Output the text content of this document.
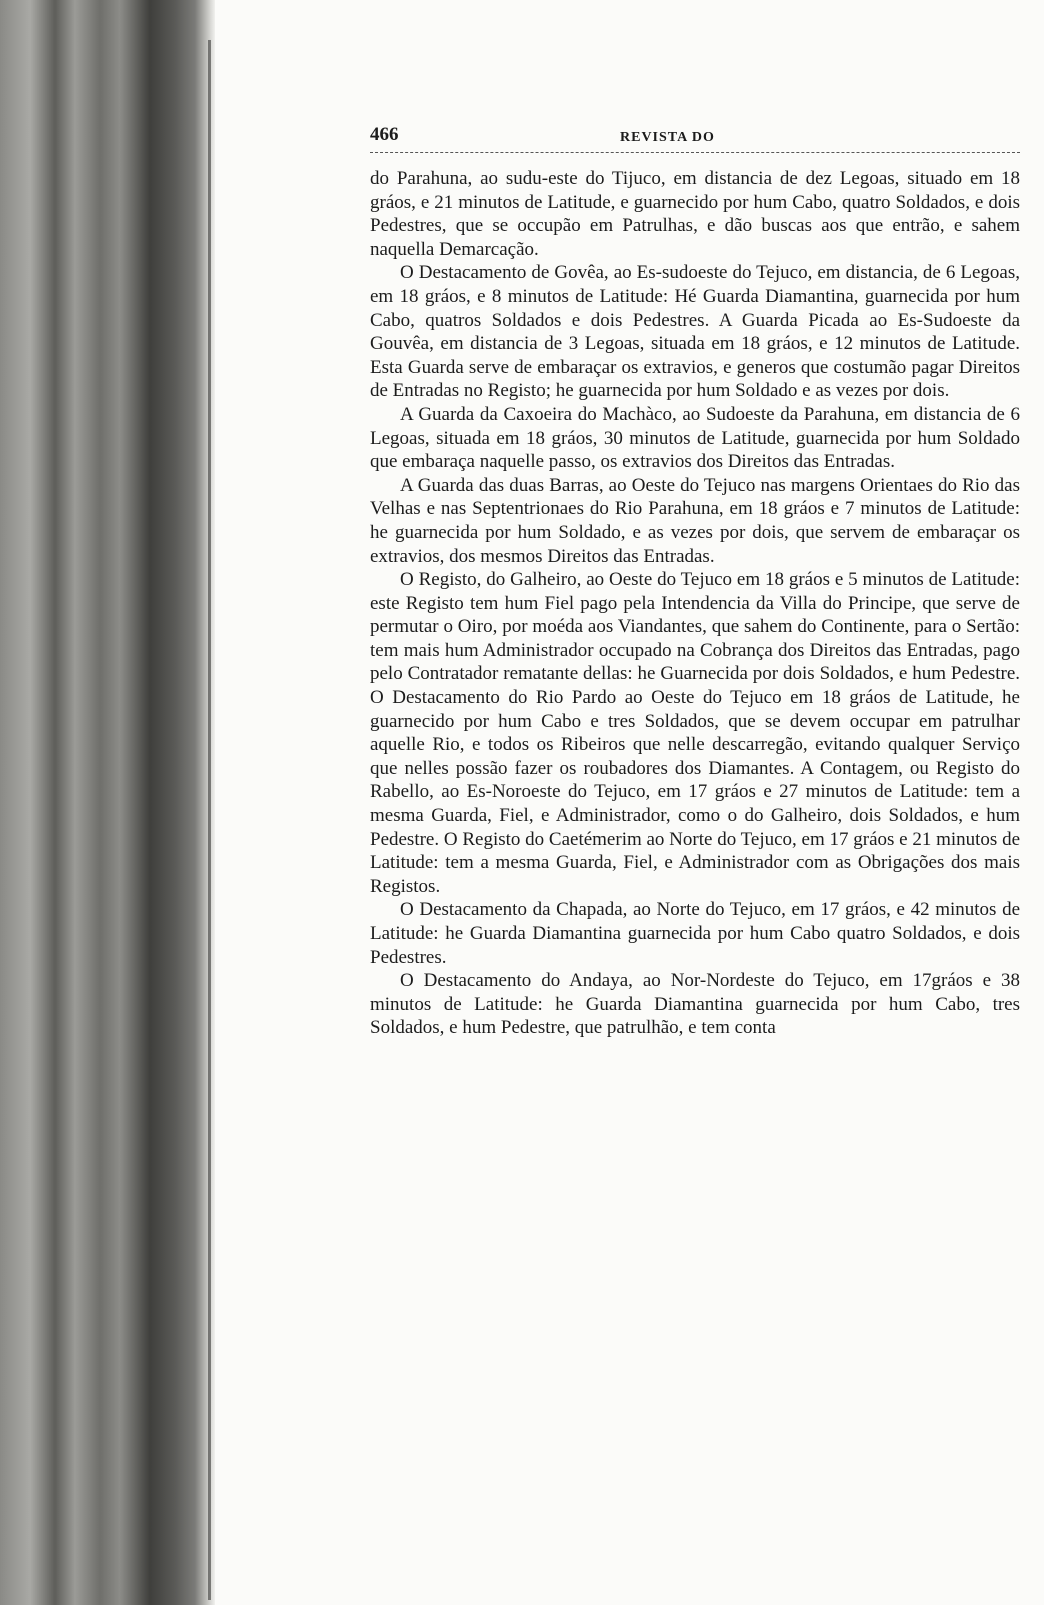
466	REVISTA DO

do Parahuna, ao sudu-este do Tijuco, em distancia de dez Legoas, situado em 18 gráos, e 21 minutos de Latitude, e guarnecido por hum Cabo, quatro Soldados, e dois Pedestres, que se occupão em Patrulhas, e dão buscas aos que entrão, e sahem naquella Demarcação.

O Destacamento de Govêa, ao Es-sudoeste do Tejuco, em distancia, de 6 Legoas, em 18 gráos, e 8 minutos de Latitude: Hé Guarda Diamantina, guarnecida por hum Cabo, quatros Soldados e dois Pedestres. A Guarda Picada ao Es-Sudoeste da Gouvêa, em distancia de 3 Legoas, situada em 18 gráos, e 12 minutos de Latitude. Esta Guarda serve de embaraçar os extravios, e generos que costumão pagar Direitos de Entradas no Registo; he guarnecida por hum Soldado e as vezes por dois.

A Guarda da Caxoeira do Machàco, ao Sudoeste da Parahuna, em distancia de 6 Legoas, situada em 18 gráos, 30 minutos de Latitude, guarnecida por hum Soldado que embaraça naquelle passo, os extravios dos Direitos das Entradas.

A Guarda das duas Barras, ao Oeste do Tejuco nas margens Orientaes do Rio das Velhas e nas Septentrionaes do Rio Parahuna, em 18 gráos e 7 minutos de Latitude: he guarnecida por hum Soldado, e as vezes por dois, que servem de embaraçar os extravios, dos mesmos Direitos das Entradas.

O Registo, do Galheiro, ao Oeste do Tejuco em 18 gráos e 5 minutos de Latitude: este Registo tem hum Fiel pago pela Intendencia da Villa do Principe, que serve de permutar o Oiro, por moéda aos Viandantes, que sahem do Continente, para o Sertão: tem mais hum Administrador occupado na Cobrança dos Direitos das Entradas, pago pelo Contratador rematante dellas: he Guarnecida por dois Soldados, e hum Pedestre. O Destacamento do Rio Pardo ao Oeste do Tejuco em 18 gráos de Latitude, he guarnecido por hum Cabo e tres Soldados, que se devem occupar em patrulhar aquelle Rio, e todos os Ribeiros que nelle descarregão, evitando qualquer Serviço que nelles possão fazer os roubadores dos Diamantes. A Contagem, ou Registo do Rabello, ao Es-Noroeste do Tejuco, em 17 gráos e 27 minutos de Latitude: tem a mesma Guarda, Fiel, e Administrador, como o do Galheiro, dois Soldados, e hum Pedestre. O Registo do Caetémerim ao Norte do Tejuco, em 17 gráos e 21 minutos de Latitude: tem a mesma Guarda, Fiel, e Administrador com as Obrigações dos mais Registos.

O Destacamento da Chapada, ao Norte do Tejuco, em 17 gráos, e 42 minutos de Latitude: he Guarda Diamantina guarnecida por hum Cabo quatro Soldados, e dois Pedestres.

O Destacamento do Andaya, ao Nor-Nordeste do Tejuco, em 17gráos e 38 minutos de Latitude: he Guarda Diamantina guarnecida por hum Cabo, tres Soldados, e hum Pedestre, que patrulhão, e tem conta
